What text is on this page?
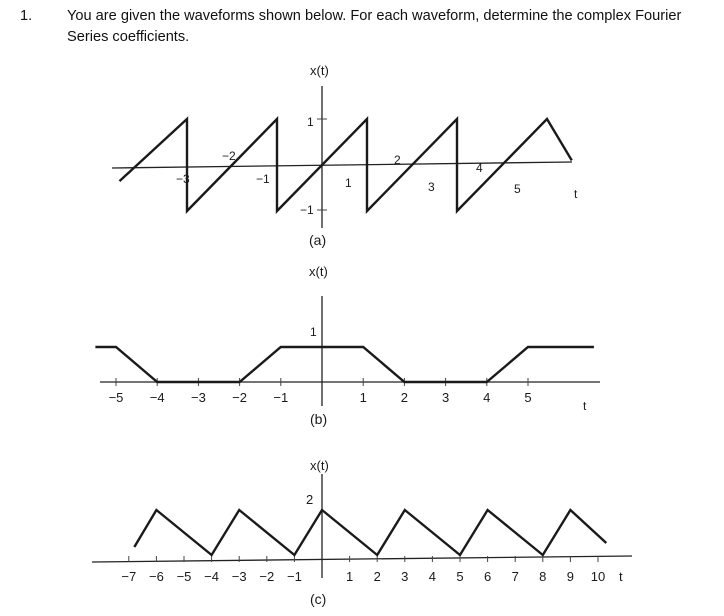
1. You are given the waveforms shown below. For each waveform, determine the complex Fourier Series coefficients.
x(t)
1
−1
t
−3
−2
−1	1
2
3
4
5
(a)
x(t)
1
t
−5 −4 −3 −2 −1	1	2	3	4	5
(b)
x(t)
2
t
−7 −6 −5 −4 −3 −2 −1	1 2 3 4 5 6 7 8 9 10
(c)
